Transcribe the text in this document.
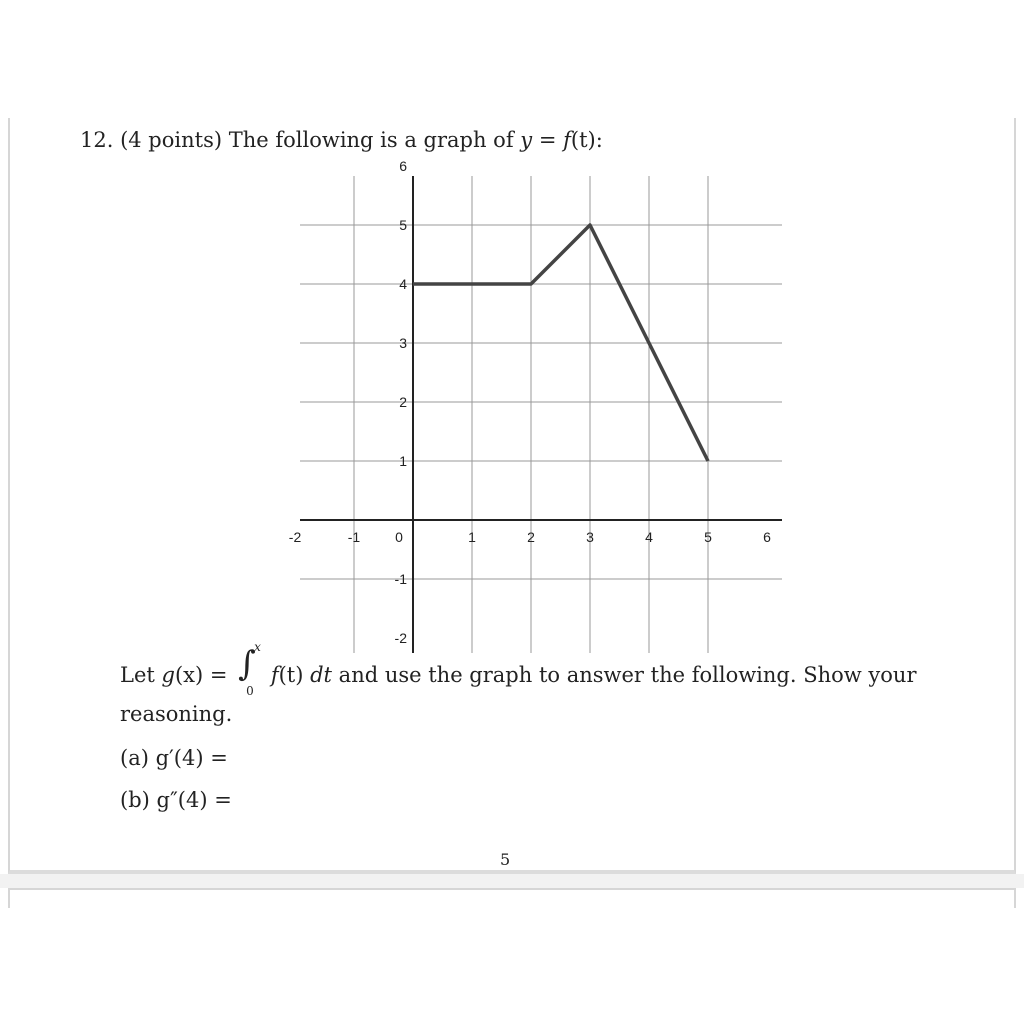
12. (4 points) The following is a graph of y = f(t):
-2	-1 0	1	2	3	4	5	6
-2
-1
1
2
3
4
5
6
Let g(x) = ∫
x
0
f(t) dt and use the graph to answer the following. Show your
reasoning.
(a) g′(4) =
(b) g″(4) =
5
